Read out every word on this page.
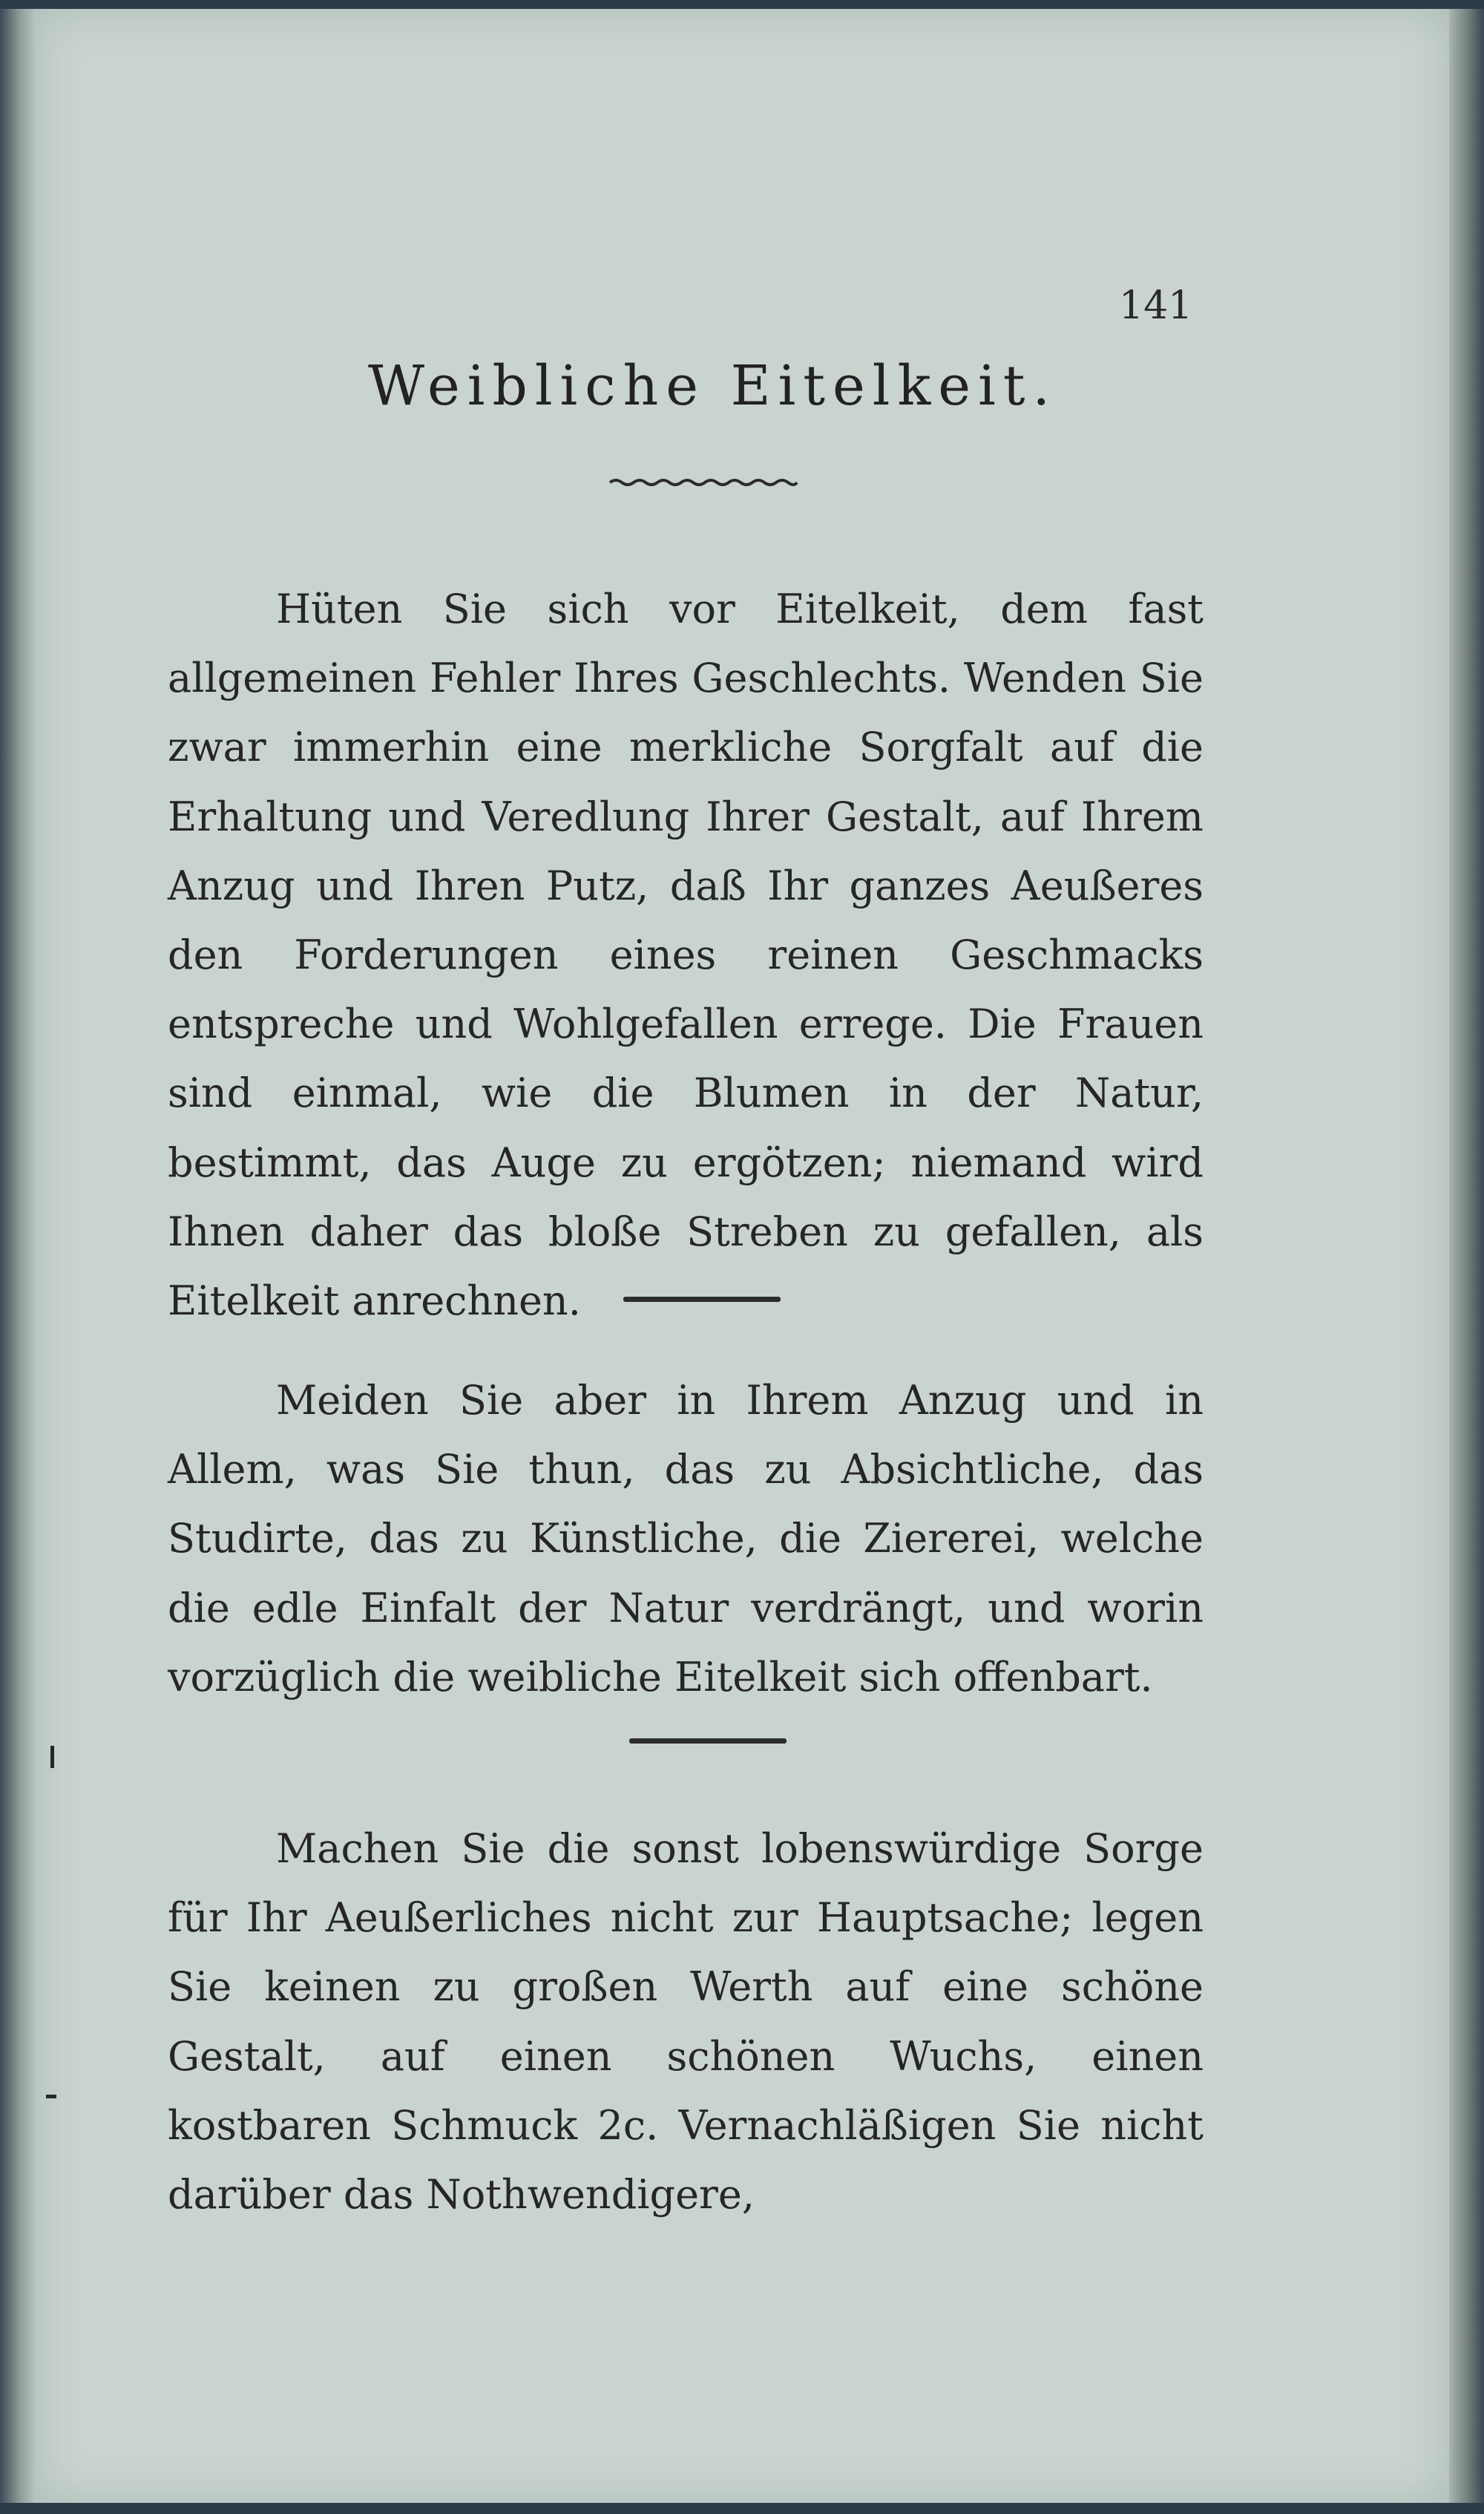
141
Weibliche Eitelkeit.

Hüten Sie sich vor Eitelkeit, dem fast allgemeinen Fehler Ihres Geschlechts. Wenden Sie zwar immerhin eine merkliche Sorgfalt auf die Erhaltung und Veredlung Ihrer Gestalt, auf Ihrem Anzug und Ihren Putz, daß Ihr ganzes Aeußeres den Forderungen eines reinen Geschmacks entspreche und Wohlgefallen errege. Die Frauen sind einmal, wie die Blumen in der Natur, bestimmt, das Auge zu ergötzen; niemand wird Ihnen daher das bloße Streben zu gefallen, als Eitelkeit anrechnen.

Meiden Sie aber in Ihrem Anzug und in Allem, was Sie thun, das zu Absichtliche, das Studirte, das zu Künstliche, die Ziererei, welche die edle Einfalt der Natur verdrängt, und worin vorzüglich die weibliche Eitelkeit sich offenbart.

Machen Sie die sonst lobenswürdige Sorge für Ihr Aeußerliches nicht zur Hauptsache; legen Sie keinen zu großen Werth auf eine schöne Gestalt, auf einen schönen Wuchs, einen kostbaren Schmuck 2c. Vernachläßigen Sie nicht darüber das Nothwendigere,
